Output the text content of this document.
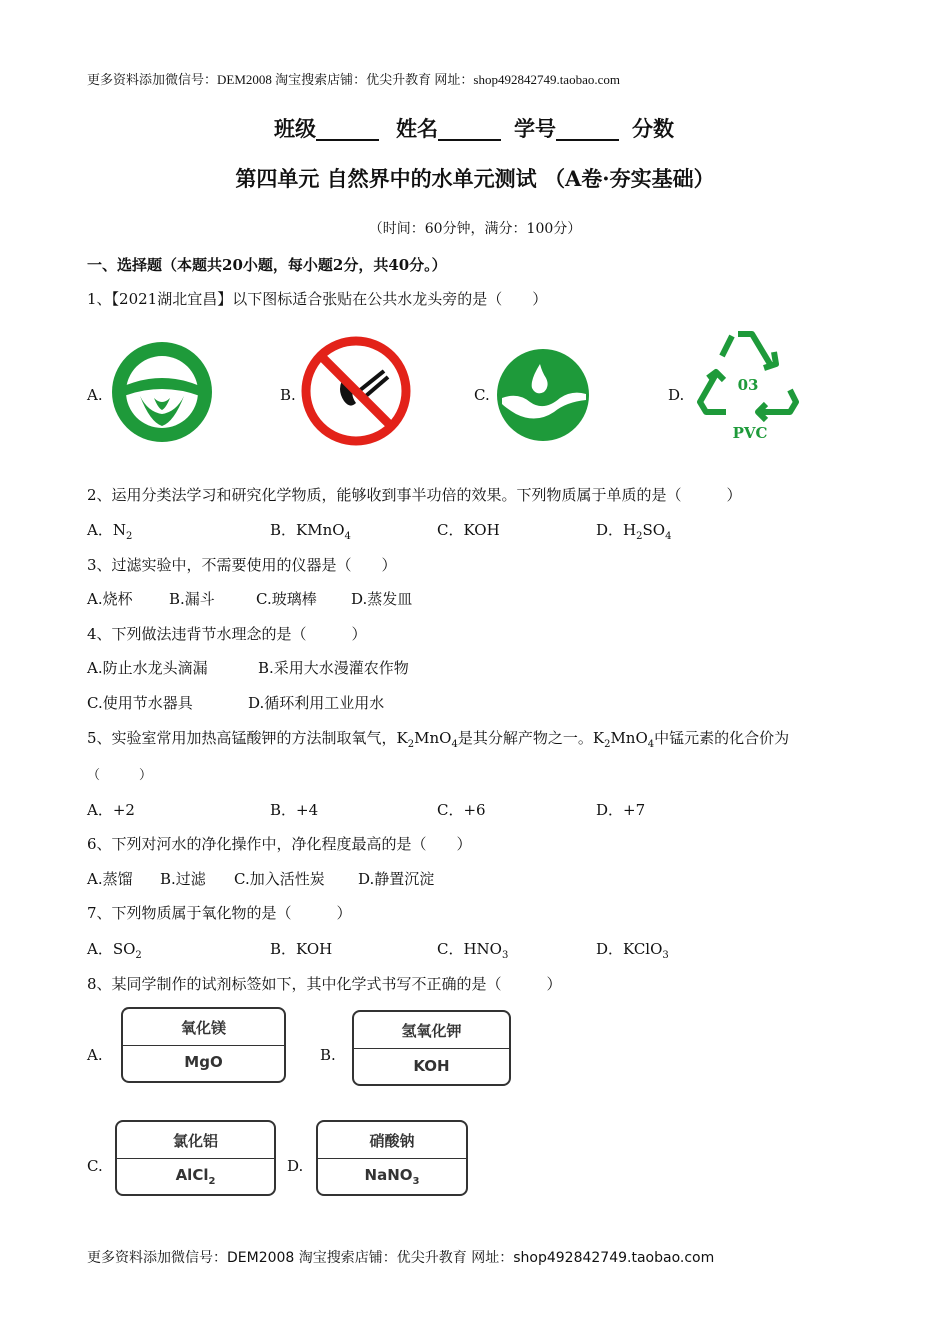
更多资料添加微信号：DEM2008 淘宝搜索店铺：优尖升教育 网址：shop492842749.taobao.com
班级______ 姓名______ 学号______ 分数
第四单元 自然界中的水单元测试 （A卷·夯实基础）
（时间：60分钟，满分：100分）
一、选择题（本题共20小题，每小题2分，共40分。）
1、【2021湖北宜昌】以下图标适合张贴在公共水龙头旁的是（　　）
A.	B.	C.	D.
03
PVC
2、运用分类法学习和研究化学物质，能够收到事半功倍的效果。下列物质属于单质的是（　　　）
A．$N_2$	B．KMnO$_4$	C．KOH	D．$H_2SO_4$
3、过滤实验中，不需要使用的仪器是（　　）
A.烧杯 B.漏斗	C.玻璃棒 D.蒸发皿
4、下列做法违背节水理念的是（　　　）
A.防止水龙头滴漏	B.采用大水漫灌农作物
C.使用节水器具	D.循环利用工业用水
5、实验室常用加热高锰酸钾的方法制取氧气，$K_2MnO_4$是其分解产物之一。$K_2MnO_4$中锰元素的化合价为
（　　　）
A．+2	B．+4	C．+6	D．+7
6、下列对河水的净化操作中，净化程度最高的是（　　）
A.蒸馏 B.过滤 C.加入活性炭 D.静置沉淀
7、下列物质属于氧化物的是（　　　）
A．$SO_2$	B．KOH	C．$HNO_3$	D．KClO$_3$
8、某同学制作的试剂标签如下，其中化学式书写不正确的是（　　　）
A.
氧化镁
MgO	B.
氢氧化钾
KOH
C.
氯化铝
AlCl$_2$
D.
硝酸钠
NaNO$_3$
更多资料添加微信号：DEM2008 淘宝搜索店铺：优尖升教育 网址：shop492842749.taobao.com
